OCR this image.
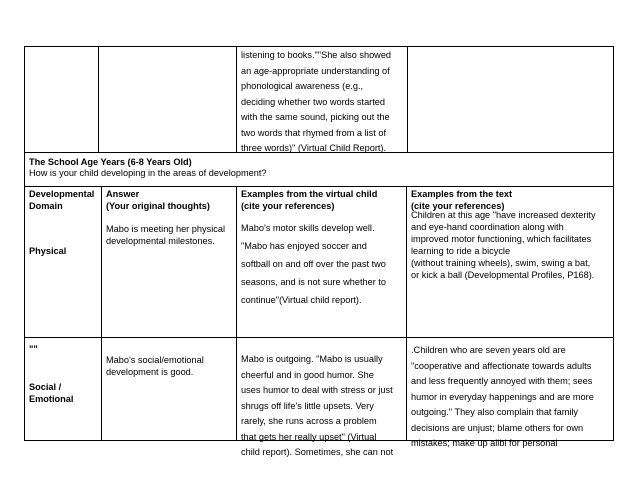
listening to books.""She also showed
an age-appropriate understanding of
phonological awareness (e.g.,
deciding whether two words started
with the same sound, picking out the
two words that rhymed from a list of
three words)" (Virtual Child Report).
The School Age Years (6-8 Years Old)
How is your child developing in the areas of development?
Developmental
Domain
Answer
(Your original thoughts)
Examples from the virtual child
(cite your references)
Examples from the text
(cite your references)
Physical
Mabo is meeting her physical
developmental milestones.
Mabo's motor skills develop well.
"Mabo has enjoyed soccer and
softball on and off over the past two
seasons, and is not sure whether to
continue"(Virtual child report).
Children at this age "have increased dexterity
and eye-hand coordination along with
improved motor functioning, which facilitates
learning to ride a bicycle
(without training wheels), swim, swing a bat,
or kick a ball (Developmental Profiles, P168).
""
Social /
Emotional
Mabo's social/emotional
development is good.
Mabo is outgoing. "Mabo is usually
cheerful and in good humor. She
uses humor to deal with stress or just
shrugs off life's little upsets. Very
rarely, she runs across a problem
that gets her really upset" (Virtual
child report). Sometimes, she can not
.Children who are seven years old are
"cooperative and affectionate towards adults
and less frequently annoyed with them; sees
humor in everyday happenings and are more
outgoing." They also complain that family
decisions are unjust; blame others for own
mistakes; make up alibi for personal
